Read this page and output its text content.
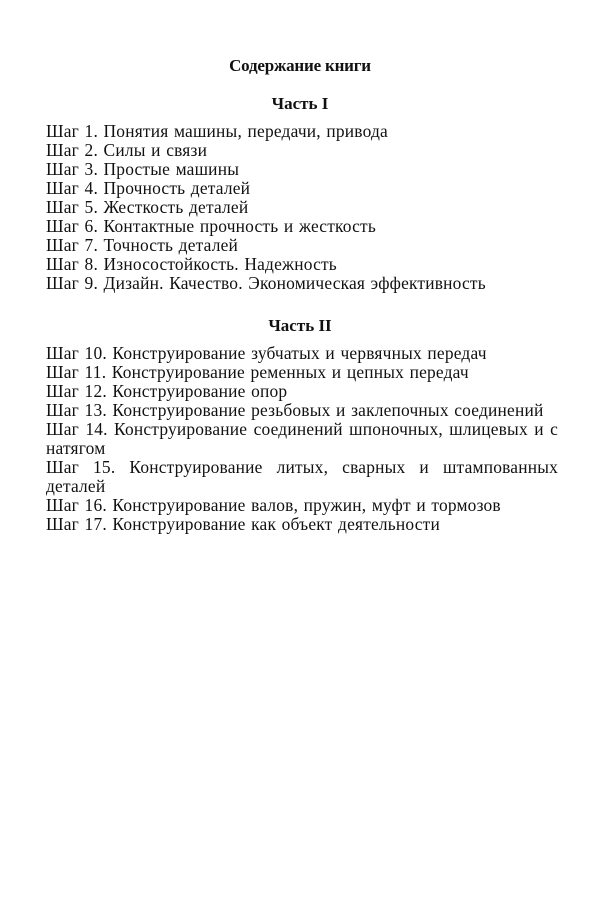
Содержание книги
Часть I
Шаг 1. Понятия машины, передачи, привода
Шаг 2. Силы и связи
Шаг 3. Простые машины
Шаг 4. Прочность деталей
Шаг 5. Жесткость деталей
Шаг 6. Контактные прочность и жесткость
Шаг 7. Точность деталей
Шаг 8. Износостойкость. Надежность
Шаг 9. Дизайн. Качество. Экономическая эффективность
Часть II
Шаг 10. Конструирование зубчатых и червячных передач
Шаг 11. Конструирование ременных и цепных передач
Шаг 12. Конструирование опор
Шаг 13. Конструирование резьбовых и заклепочных соединений
Шаг 14. Конструирование соединений шпоночных, шлицевых и с натягом
Шаг 15. Конструирование литых, сварных и штампованных деталей
Шаг 16. Конструирование валов, пружин, муфт и тормозов
Шаг 17. Конструирование как объект деятельности
